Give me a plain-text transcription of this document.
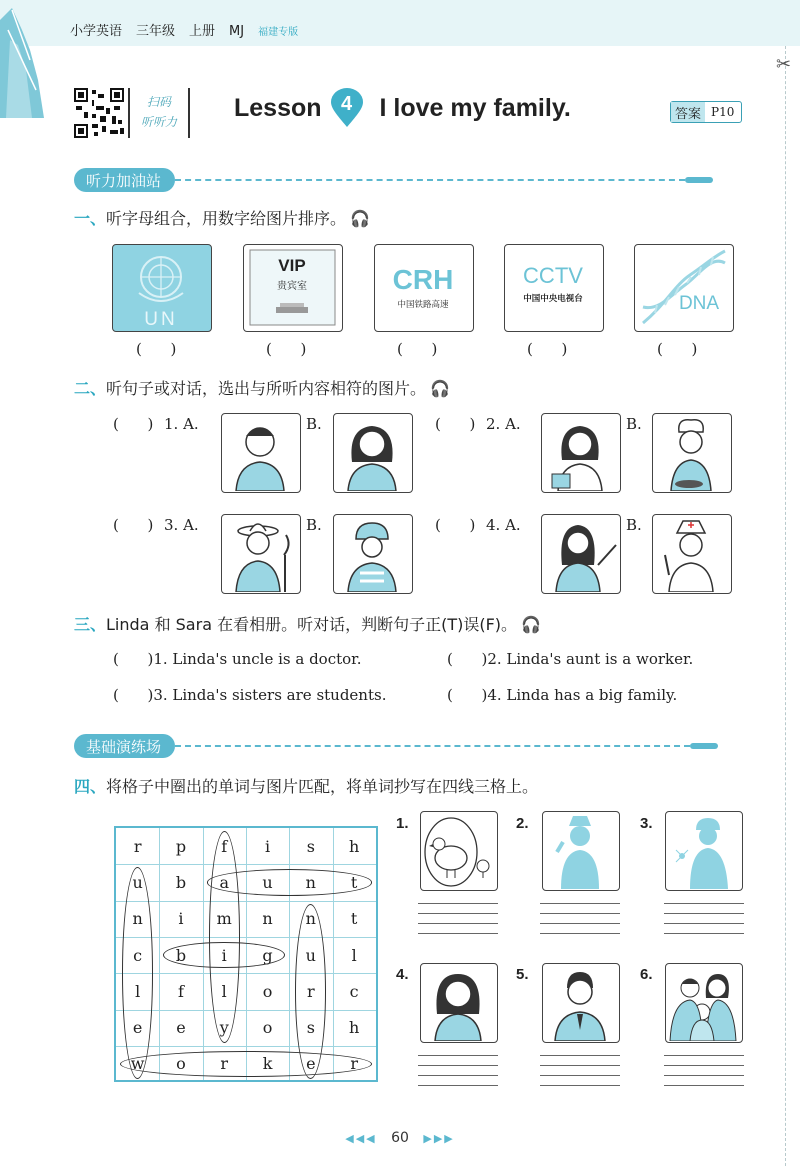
小学英语 三年级 上册 MJ 福建专版
✂
扫码
听听力
Lesson 4	I love my family.	答案 P10
听力加油站
一、听字母组合，用数字给图片排序。 🎧
UN
VIP
贵宾室	CRH
中国铁路高速
CCTV
中国中央电视台	DNA
(      )	(      )	(      )	(      )	(      )
二、听句子或对话，选出与所听内容相符的图片。 🎧
(      ) 1. A.	B.	(      ) 2. A.	B.
(      ) 3. A.	B.	(      ) 4. A.	B.
三、Linda 和 Sara 在看相册。听对话，判断句子正(T)误(F)。 🎧
(      )1. Linda's uncle is a doctor.	(      )2. Linda's aunt is a worker.
(      )3. Linda's sisters are students.	(      )4. Linda has a big family.
基础演练场
四、将格子中圈出的单词与图片匹配，将单词抄写在四线三格上。
r	p	f	i	s	h
u	b	a	u	n	t
n	i	m	n	n	t
c	b	i	g	u	l
l	f	l	o	r	c
e	e	y	o	s	h
w	o	r	k	e	r
1.	2.	3.
4.	5.	6.
◀◀◀ 60 ▶▶▶
